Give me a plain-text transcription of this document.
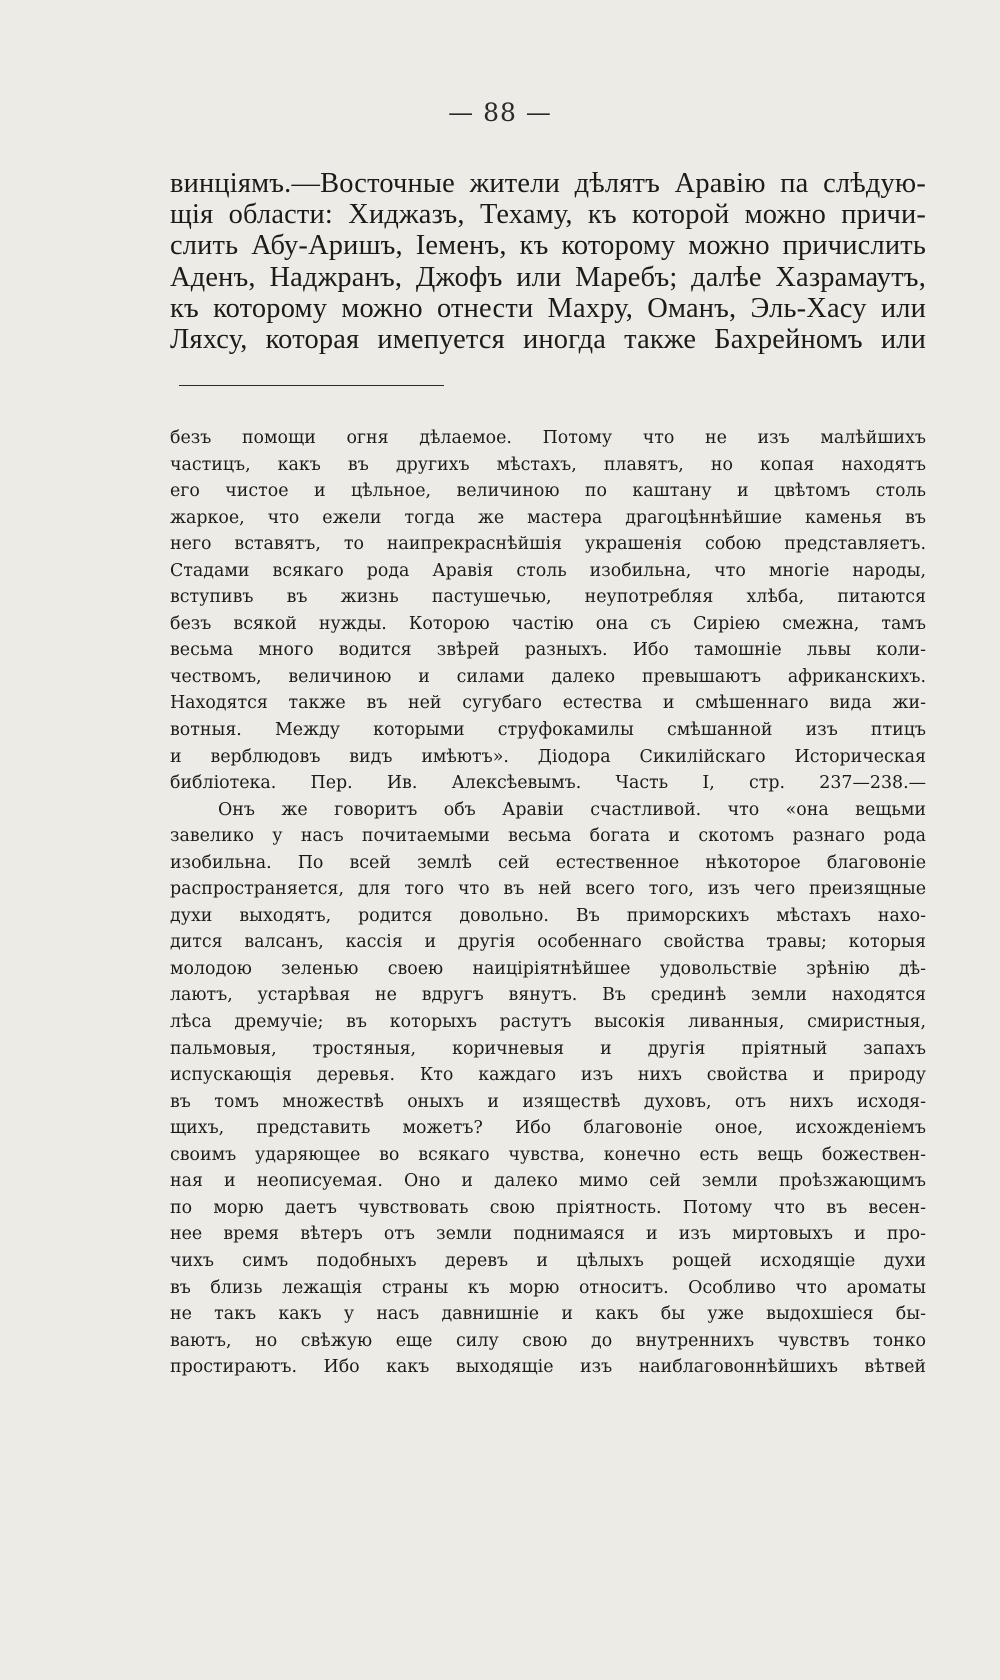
— 88 —
винціямъ.—Восточные жители дѣлятъ Аравію па слѣдую-
щія области: Хиджазъ, Техаму, къ которой можно причи-
слить Абу-Аришъ, Іеменъ, къ которому можно причислить
Аденъ, Наджранъ, Джофъ или Маребъ; далѣе Хазрамаутъ,
къ которому можно отнести Махру, Оманъ, Эль-Хасу или
Ляхсу, которая имепуется иногда также Бахрейномъ или
безъ помощи огня дѣлаемое. Потому что не изъ малѣйшихъ
частицъ, какъ въ другихъ мѣстахъ, плавятъ, но копая находятъ
его чистое и цѣльное, величиною по каштану и цвѣтомъ столь
жаркое, что ежели тогда же мастера драгоцѣннѣйшие каменья въ
него вставятъ, то наипрекраснѣйшія украшенія собою представляетъ.
Стадами всякаго рода Аравія столь изобильна, что многіе народы,
вступивъ въ жизнь пастушечью, неупотребляя хлѣба, питаются
безъ всякой нужды. Которою частію она съ Сиріею смежна, тамъ
весьма много водится звѣрей разныхъ. Ибо тамошніе львы коли-
чествомъ, величиною и силами далеко превышаютъ африканскихъ.
Находятся также въ ней сугубаго естества и смѣшеннаго вида жи-
вотныя. Между которыми струфокамилы смѣшанной изъ птицъ
и верблюдовъ видъ имѣютъ». Діодора Сикилійскаго Историческая
библіотека. Пер. Ив. Алексѣевымъ. Часть I, стр. 237—238.—
Онъ же говоритъ объ Аравіи счастливой. что «она вещьми
завелико у насъ почитаемыми весьма богата и скотомъ разнаго рода
изобильна. По всей землѣ сей естественное нѣкоторое благовоніе
распространяется, для того что въ ней всего того, изъ чего преизящные
духи выходятъ, родится довольно. Въ приморскихъ мѣстахъ нахо-
дится валсанъ, кассія и другія особеннаго свойства травы; которыя
молодою зеленью своею наиціріятнѣйшее удовольствіе зрѣнію дѣ-
лаютъ, устарѣвая не вдругъ вянутъ. Въ срединѣ земли находятся
лѣса дремучіе; въ которыхъ растутъ высокія ливанныя, смиристныя,
пальмовыя, тростяныя, коричневыя и другія пріятный запахъ
испускающія деревья. Кто каждаго изъ нихъ свойства и природу
въ томъ множествѣ оныхъ и изяществѣ духовъ, отъ нихъ исходя-
щихъ, представить можетъ? Ибо благовоніе оное, исхожденіемъ
своимъ ударяющее во всякаго чувства, конечно есть вещь божествен-
ная и неописуемая. Оно и далеко мимо сей земли проѣзжающимъ
по морю даетъ чувствовать свою пріятность. Потому что въ весен-
нее время вѣтеръ отъ земли поднимаяся и изъ миртовыхъ и про-
чихъ симъ подобныхъ деревъ и цѣлыхъ рощей исходящіе духи
въ близь лежащія страны къ морю относитъ. Особливо что ароматы
не такъ какъ у насъ давнишніе и какъ бы уже выдохшіеся бы-
ваютъ, но свѣжую еще силу свою до внутреннихъ чувствъ тонко
простираютъ. Ибо какъ выходящіе изъ наиблаговоннѣйшихъ вѣтвей
